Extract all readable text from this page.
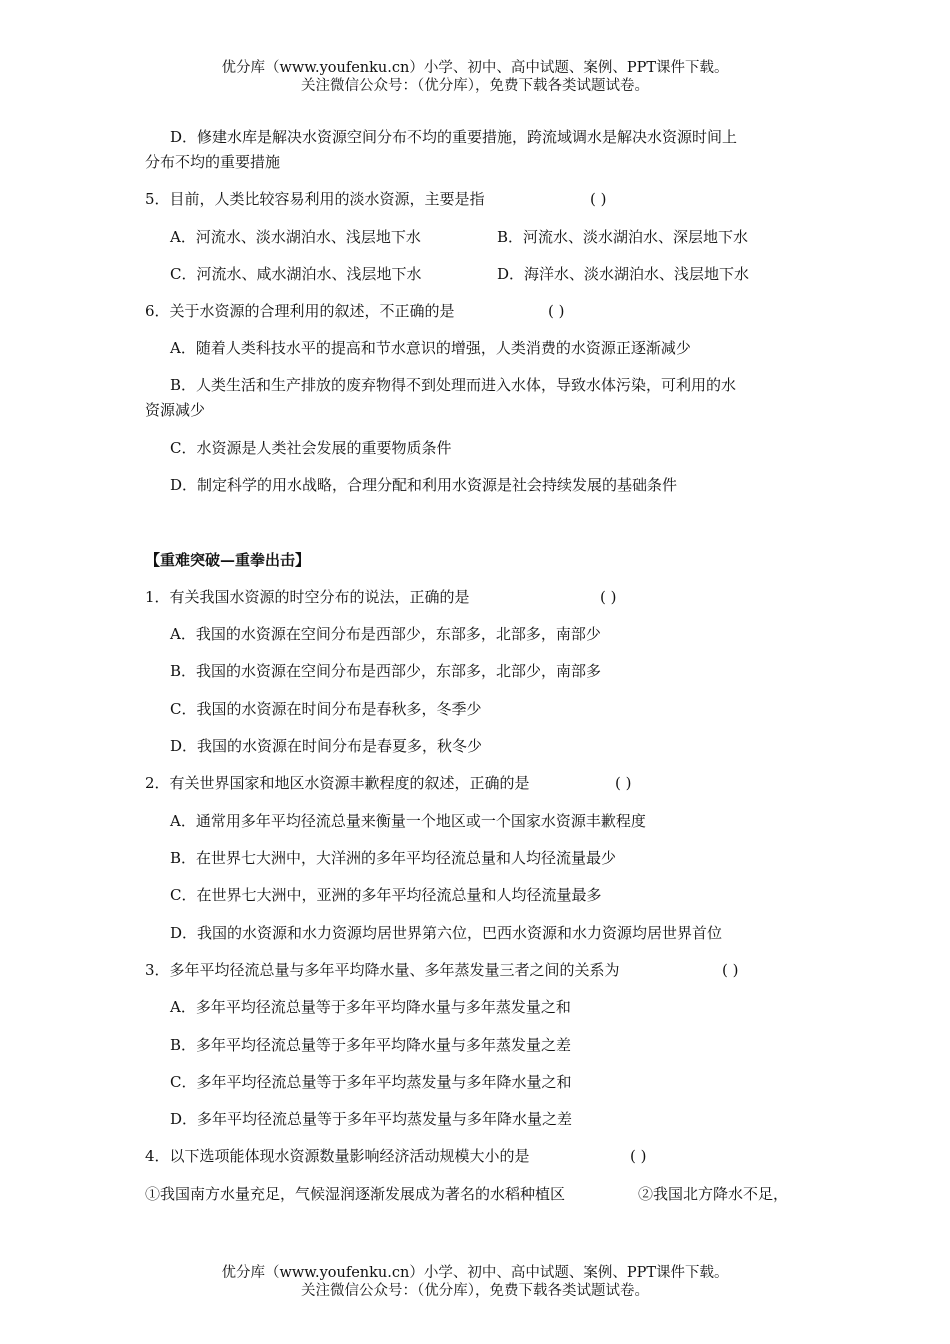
优分库（www.youfenku.cn）小学、初中、高中试题、案例、PPT课件下载。
关注微信公众号：（优分库），免费下载各类试题试卷。
D．修建水库是解决水资源空间分布不均的重要措施，跨流域调水是解决水资源时间上
分布不均的重要措施
5．目前，人类比较容易利用的淡水资源，主要是指	( )
A．河流水、淡水湖泊水、浅层地下水	B．河流水、淡水湖泊水、深层地下水
C．河流水、咸水湖泊水、浅层地下水	D．海洋水、淡水湖泊水、浅层地下水
6．关于水资源的合理利用的叙述，不正确的是	( )
A．随着人类科技水平的提高和节水意识的增强，人类消费的水资源正逐渐减少
B．人类生活和生产排放的废弃物得不到处理而进入水体，导致水体污染，可利用的水
资源减少
C．水资源是人类社会发展的重要物质条件
D．制定科学的用水战略，合理分配和利用水资源是社会持续发展的基础条件
【重难突破—重拳出击】
1．有关我国水资源的时空分布的说法，正确的是	( )
A．我国的水资源在空间分布是西部少，东部多，北部多，南部少
B．我国的水资源在空间分布是西部少，东部多，北部少，南部多
C．我国的水资源在时间分布是春秋多，冬季少
D．我国的水资源在时间分布是春夏多，秋冬少
2．有关世界国家和地区水资源丰歉程度的叙述，正确的是	( )
A．通常用多年平均径流总量来衡量一个地区或一个国家水资源丰歉程度
B．在世界七大洲中，大洋洲的多年平均径流总量和人均径流量最少
C．在世界七大洲中，亚洲的多年平均径流总量和人均径流量最多
D．我国的水资源和水力资源均居世界第六位，巴西水资源和水力资源均居世界首位
3．多年平均径流总量与多年平均降水量、多年蒸发量三者之间的关系为	( )
A．多年平均径流总量等于多年平均降水量与多年蒸发量之和
B．多年平均径流总量等于多年平均降水量与多年蒸发量之差
C．多年平均径流总量等于多年平均蒸发量与多年降水量之和
D．多年平均径流总量等于多年平均蒸发量与多年降水量之差
4．以下选项能体现水资源数量影响经济活动规模大小的是	( )
①我国南方水量充足，气候湿润逐渐发展成为著名的水稻种植区	②我国北方降水不足，
优分库（www.youfenku.cn）小学、初中、高中试题、案例、PPT课件下载。
关注微信公众号：（优分库），免费下载各类试题试卷。
